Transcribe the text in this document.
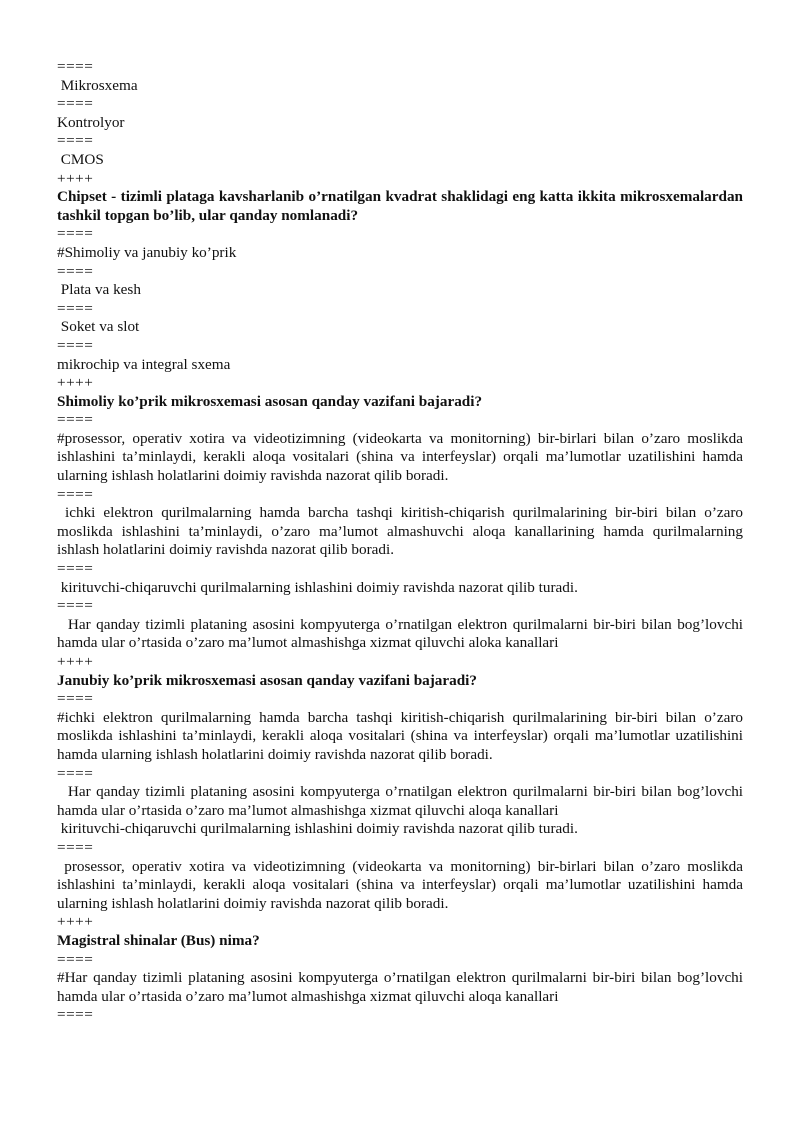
====

Mikrosxema

====

Kontrolyor

====

CMOS

++++

Chipset - tizimli plataga kavsharlanib o’rnatilgan kvadrat shaklidagi eng katta ikkita mikrosxemalardan tashkil topgan bo’lib, ular qanday nomlanadi?

====

#Shimoliy va janubiy ko’prik

====

Plata va kesh

====

Soket va slot

====

mikrochip va integral sxema

++++

Shimoliy ko’prik mikrosxemasi asosan qanday vazifani bajaradi?

====

#prosessor, operativ xotira va videotizimning (videokarta va monitorning) bir-birlari bilan o’zaro moslikda ishlashini ta’minlaydi, kerakli aloqa vositalari (shina va interfeyslar) orqali ma’lumotlar uzatilishini hamda ularning ishlash holatlarini doimiy ravishda nazorat qilib boradi.

====

ichki elektron qurilmalarning hamda barcha tashqi kiritish-chiqarish qurilmalarining bir-biri bilan o’zaro moslikda ishlashini ta’minlaydi, o’zaro ma’lumot almashuvchi aloqa kanallarining hamda qurilmalarning ishlash holatlarini doimiy ravishda nazorat qilib boradi.

====

kirituvchi-chiqaruvchi qurilmalarning ishlashini doimiy ravishda nazorat qilib turadi.

====

Har qanday tizimli plataning asosini kompyuterga o’rnatilgan elektron qurilmalarni bir-biri bilan bog’lovchi hamda ular o’rtasida o’zaro ma’lumot almashishga xizmat qiluvchi aloka kanallari

++++

Janubiy ko’prik mikrosxemasi asosan qanday vazifani bajaradi?

====

#ichki elektron qurilmalarning hamda barcha tashqi kiritish-chiqarish qurilmalarining bir-biri bilan o’zaro moslikda ishlashini ta’minlaydi, kerakli aloqa vositalari (shina va interfeyslar) orqali ma’lumotlar uzatilishini hamda ularning ishlash holatlarini doimiy ravishda nazorat qilib boradi.

====

Har qanday tizimli plataning asosini kompyuterga o’rnatilgan elektron qurilmalarni bir-biri bilan bog’lovchi hamda ular o’rtasida o’zaro ma’lumot almashishga xizmat qiluvchi aloqa kanallari

kirituvchi-chiqaruvchi qurilmalarning ishlashini doimiy ravishda nazorat qilib turadi.

====

prosessor, operativ xotira va videotizimning (videokarta va monitorning) bir-birlari bilan o’zaro moslikda ishlashini ta’minlaydi, kerakli aloqa vositalari (shina va interfeyslar) orqali ma’lumotlar uzatilishini hamda ularning ishlash holatlarini doimiy ravishda nazorat qilib boradi.

++++

Magistral shinalar (Bus) nima?

====

#Har qanday tizimli plataning asosini kompyuterga o’rnatilgan elektron qurilmalarni bir-biri bilan bog’lovchi hamda ular o’rtasida o’zaro ma’lumot almashishga xizmat qiluvchi aloqa kanallari

====
